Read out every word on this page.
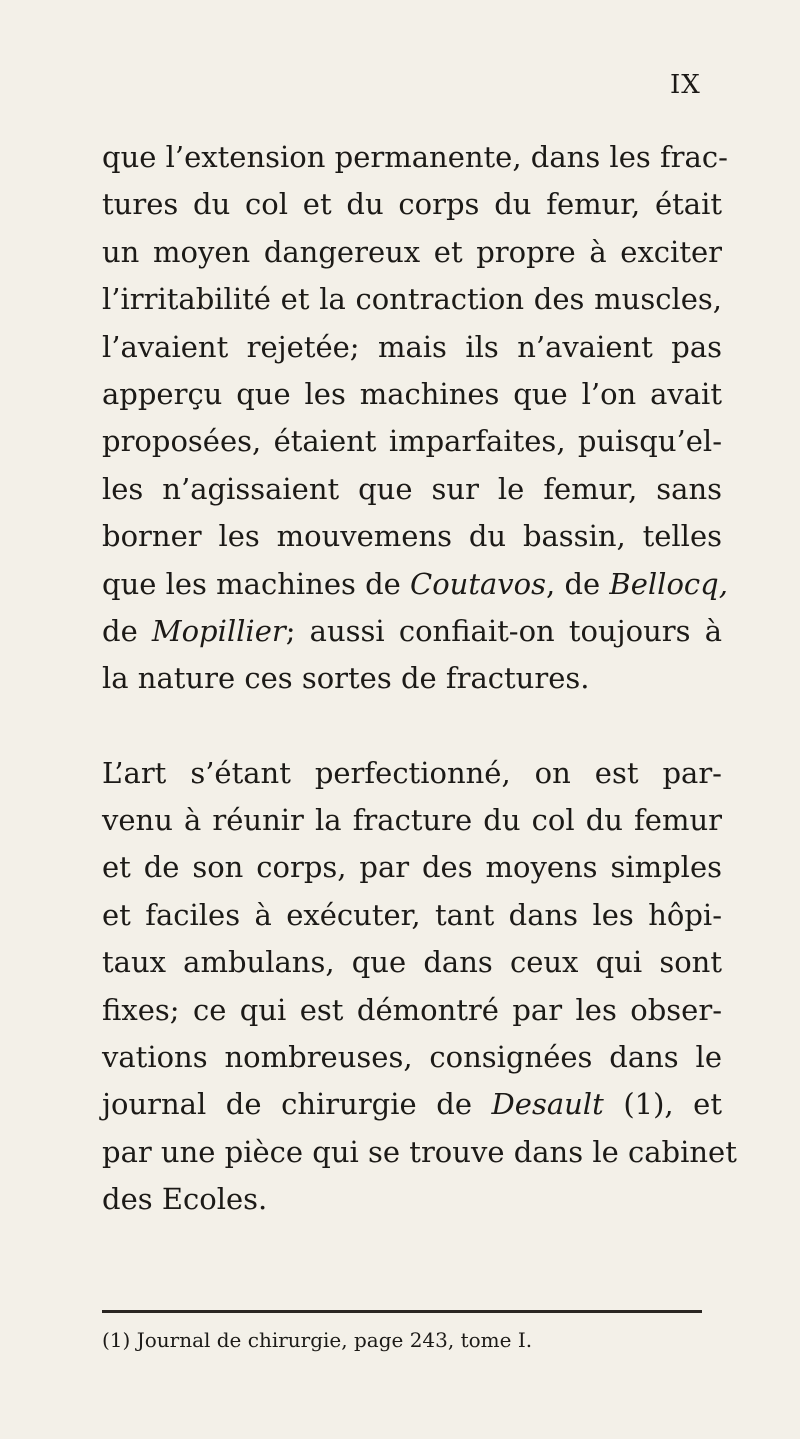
IX
que l’extension permanente, dans les frac-
tures du col et du corps du femur, était
un moyen dangereux et propre à exciter
l’irritabilité et la contraction des muscles,
l’avaient rejetée; mais ils n’avaient pas
apperçu que les machines que l’on avait
proposées, étaient imparfaites, puisqu’el-
les n’agissaient que sur le femur, sans
borner les mouvemens du bassin, telles
que les machines de Coutavos, de Bellocq,
de Mopillier; aussi confiait-on toujours à
la nature ces sortes de fractures.
L’art s’étant perfectionné, on est par-
venu à réunir la fracture du col du femur
et de son corps, par des moyens simples
et faciles à exécuter, tant dans les hôpi-
taux ambulans, que dans ceux qui sont
fixes; ce qui est démontré par les obser-
vations nombreuses, consignées dans le
journal de chirurgie de Desault (1), et
par une pièce qui se trouve dans le cabinet
des Ecoles.
(1) Journal de chirurgie, page 243, tome I.
